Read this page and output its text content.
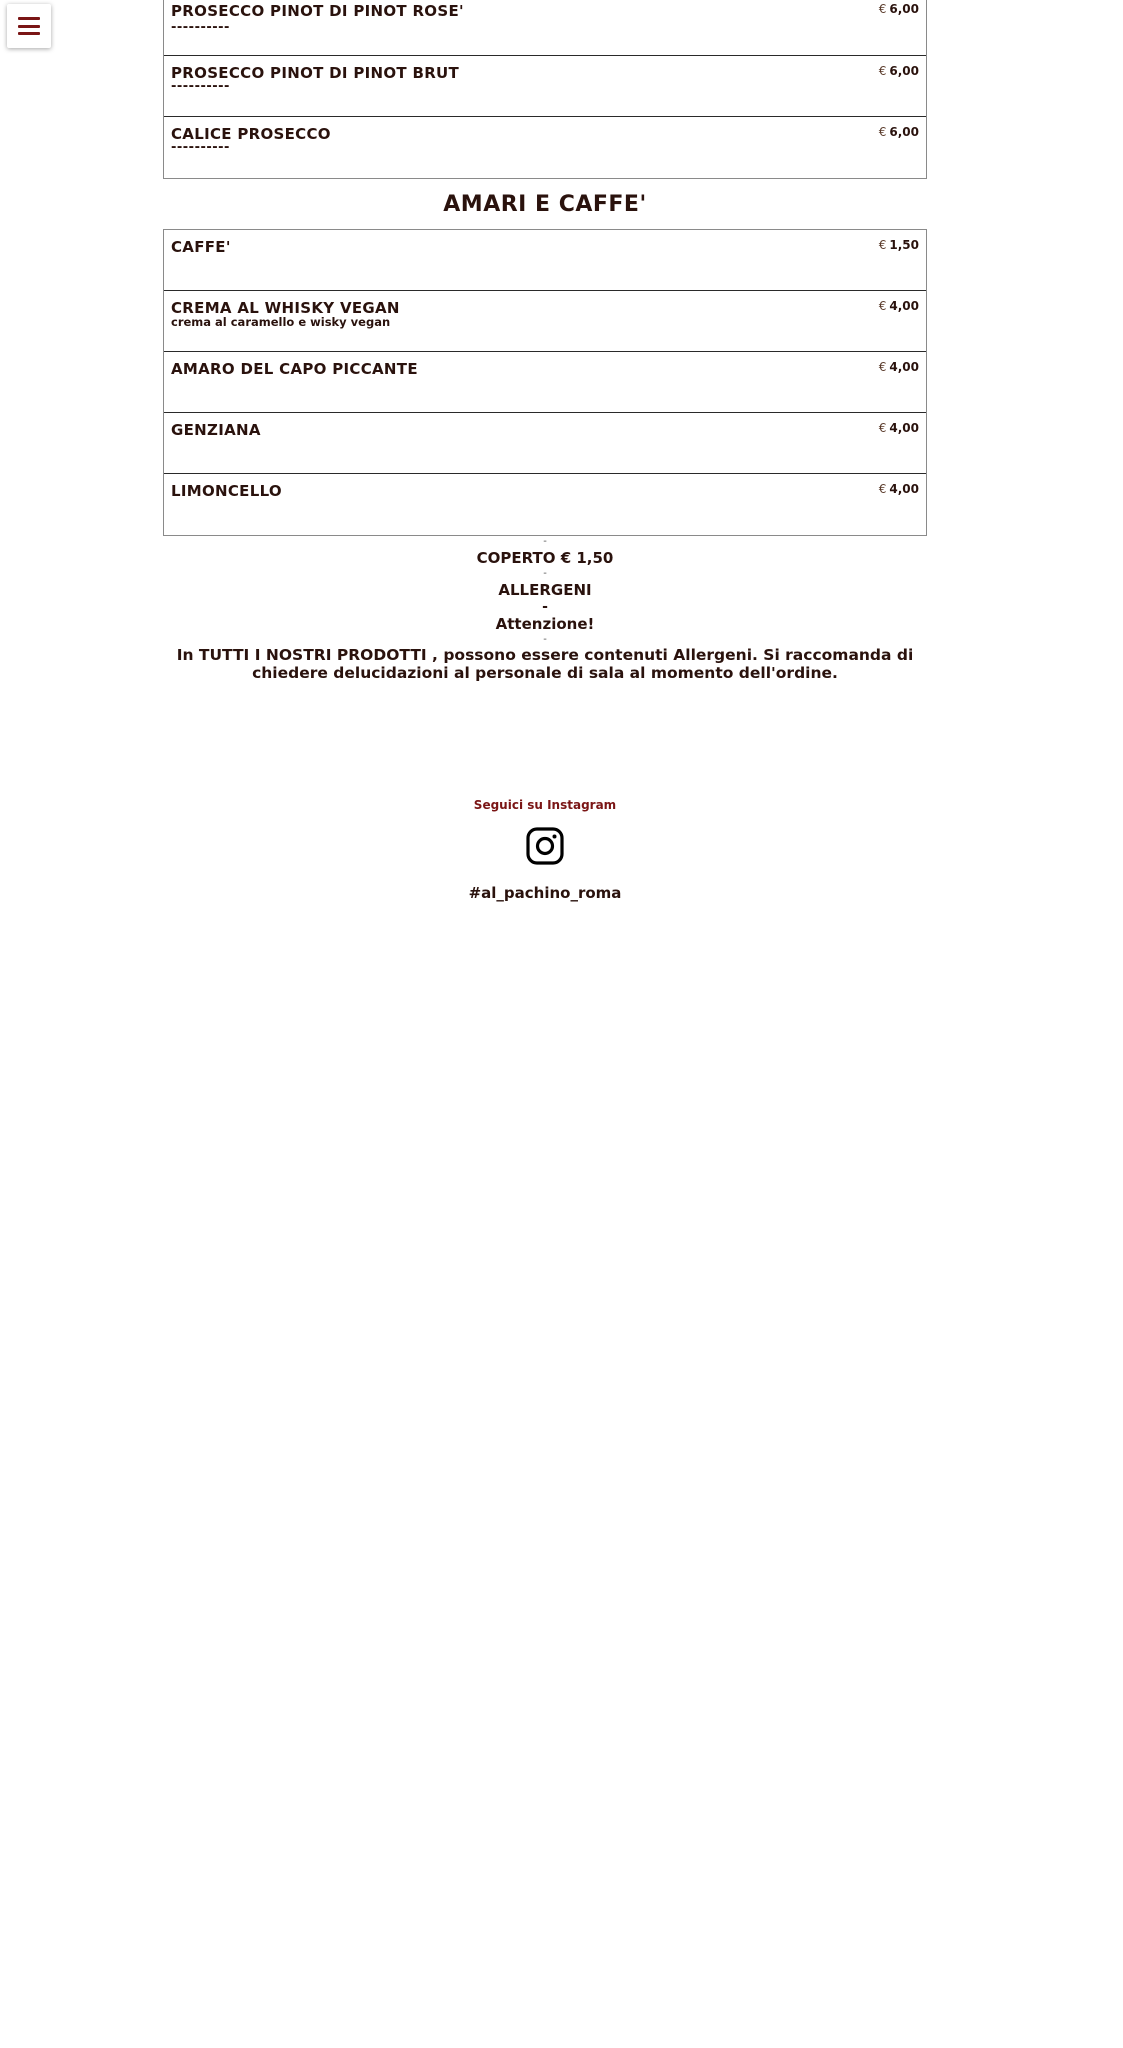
PROSECCO PINOT DI PINOT ROSE'
----------
€ 6,00
PROSECCO PINOT DI PINOT BRUT
----------
€ 6,00
CALICE PROSECCO
----------
€ 6,00
AMARI E CAFFE'
CAFFE'	€ 1,50
CREMA AL WHISKY VEGAN
crema al caramello e wisky vegan
€ 4,00
AMARO DEL CAPO PICCANTE	€ 4,00
GENZIANA	€ 4,00
LIMONCELLO	€ 4,00
-
COPERTO € 1,50
-
ALLERGENI
-
Attenzione!
-
In TUTTI I NOSTRI PRODOTTI , possono essere contenuti Allergeni. Si raccomanda di chiedere delucidazioni al personale di sala al momento dell'ordine.
Seguici su Instagram
#al_pachino_roma
